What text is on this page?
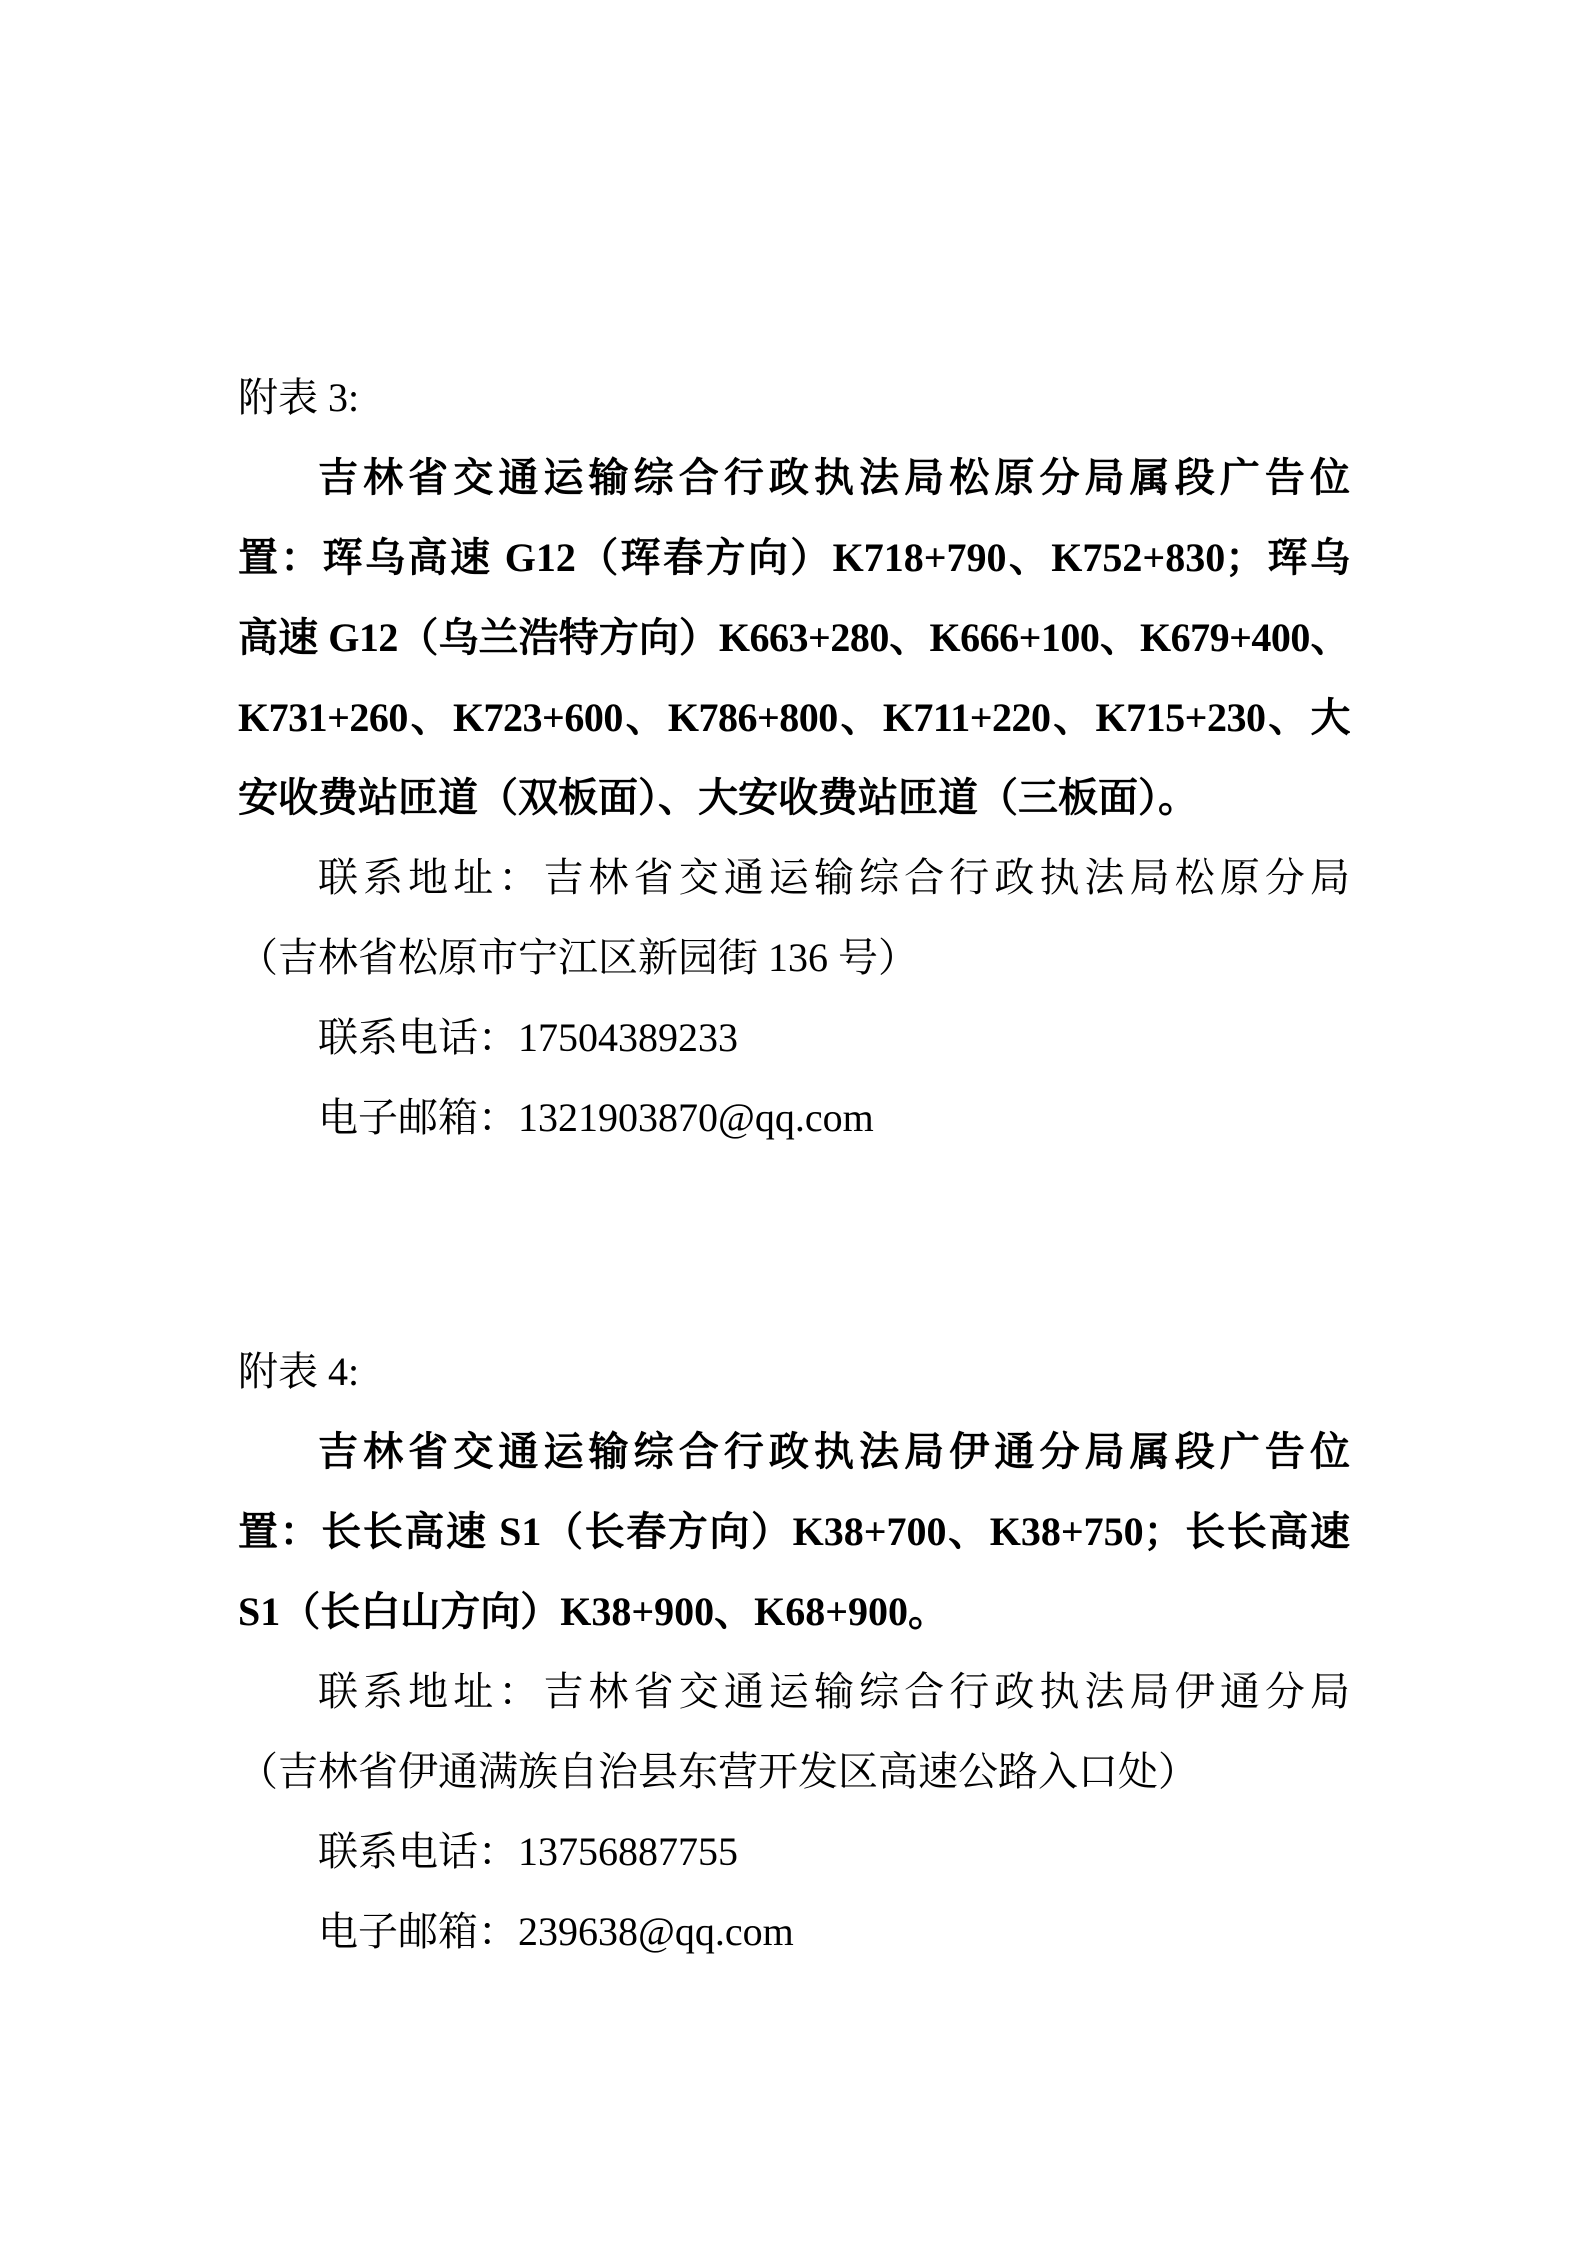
附表 3:
吉林省交通运输综合行政执法局松原分局属段广告位
置：珲乌高速 G12（珲春方向）K718+790、K752+830；珲乌
高速 G12（乌兰浩特方向）K663+280、K666+100、K679+400、
K731+260、K723+600、K786+800、K711+220、K715+230、大
安收费站匝道（双板面）、大安收费站匝道（三板面）。
联系地址：吉林省交通运输综合行政执法局松原分局
（吉林省松原市宁江区新园街 136 号）
联系电话：17504389233
电子邮箱：1321903870@qq.com
附表 4:
吉林省交通运输综合行政执法局伊通分局属段广告位
置：长长高速 S1（长春方向）K38+700、K38+750；长长高速
S1（长白山方向）K38+900、K68+900。
联系地址：吉林省交通运输综合行政执法局伊通分局
（吉林省伊通满族自治县东营开发区高速公路入口处）
联系电话：13756887755
电子邮箱：239638@qq.com
